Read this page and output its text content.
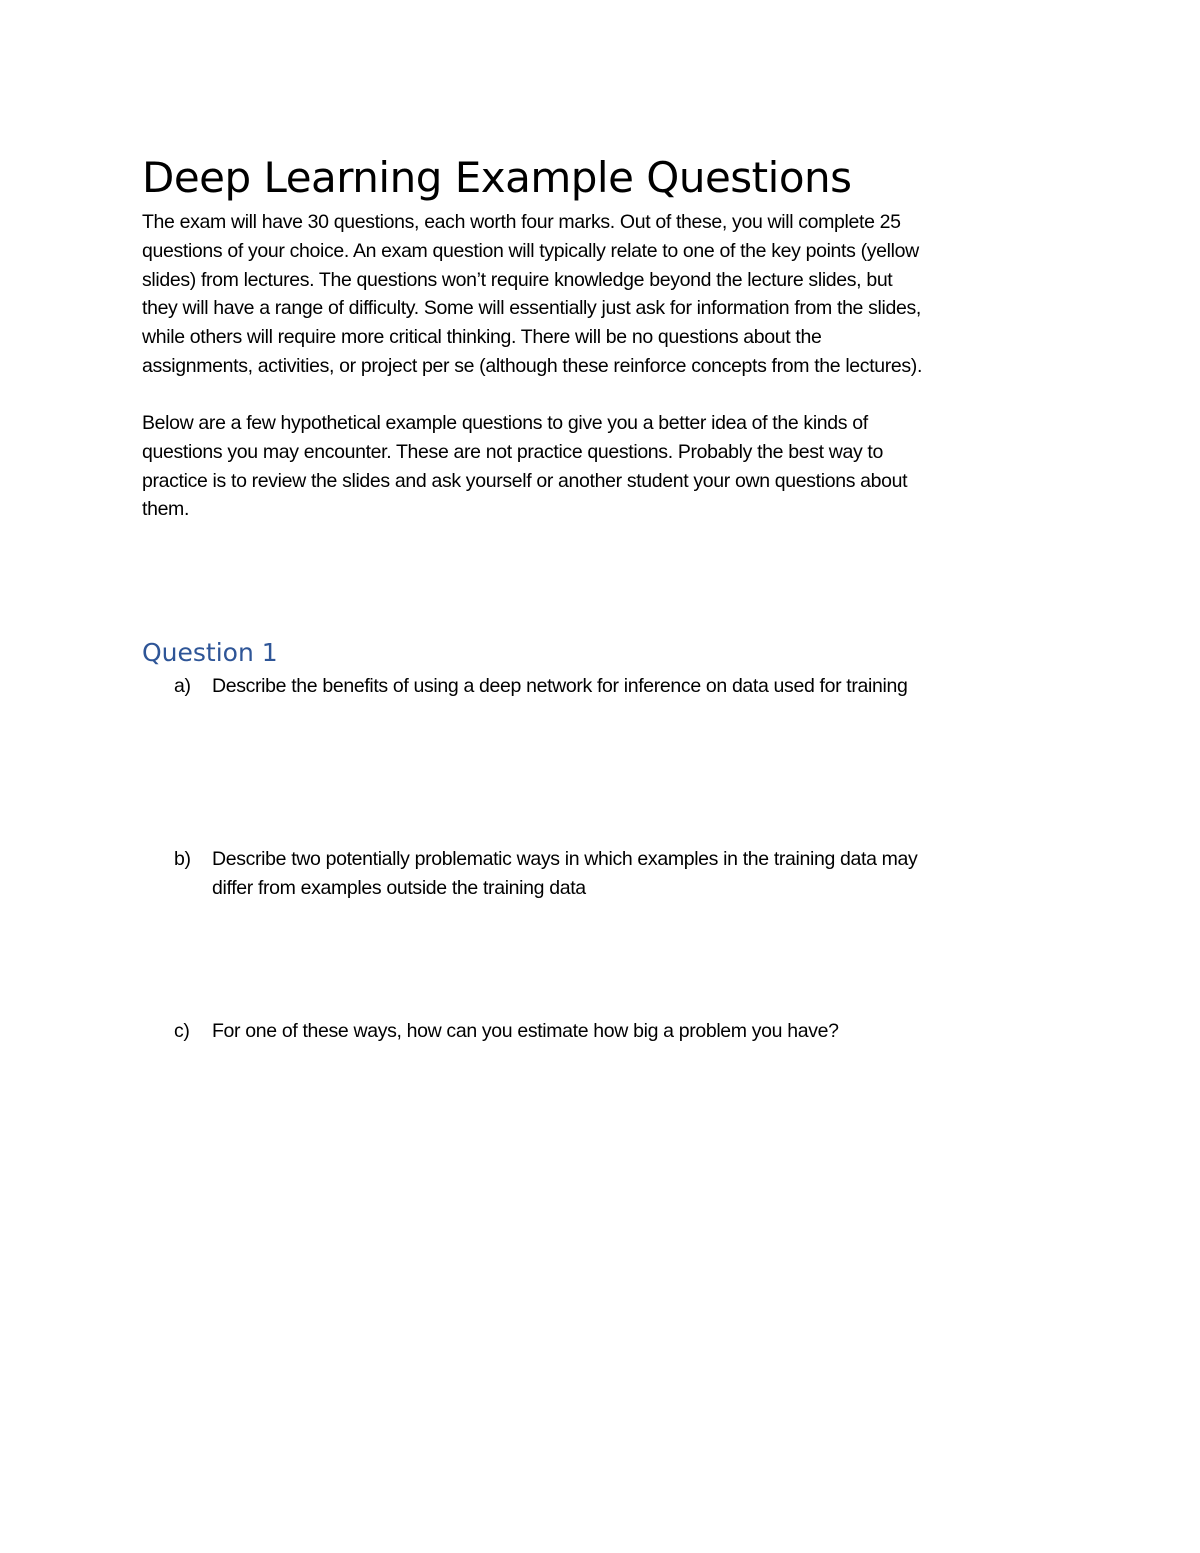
Deep Learning Example Questions

The exam will have 30 questions, each worth four marks. Out of these, you will complete 25
questions of your choice. An exam question will typically relate to one of the key points (yellow
slides) from lectures. The questions won’t require knowledge beyond the lecture slides, but
they will have a range of difficulty. Some will essentially just ask for information from the slides,
while others will require more critical thinking. There will be no questions about the
assignments, activities, or project per se (although these reinforce concepts from the lectures).

Below are a few hypothetical example questions to give you a better idea of the kinds of
questions you may encounter. These are not practice questions. Probably the best way to
practice is to review the slides and ask yourself or another student your own questions about
them.

Question 1
a) Describe the benefits of using a deep network for inference on data used for training
b) Describe two potentially problematic ways in which examples in the training data may
differ from examples outside the training data
c) For one of these ways, how can you estimate how big a problem you have?
